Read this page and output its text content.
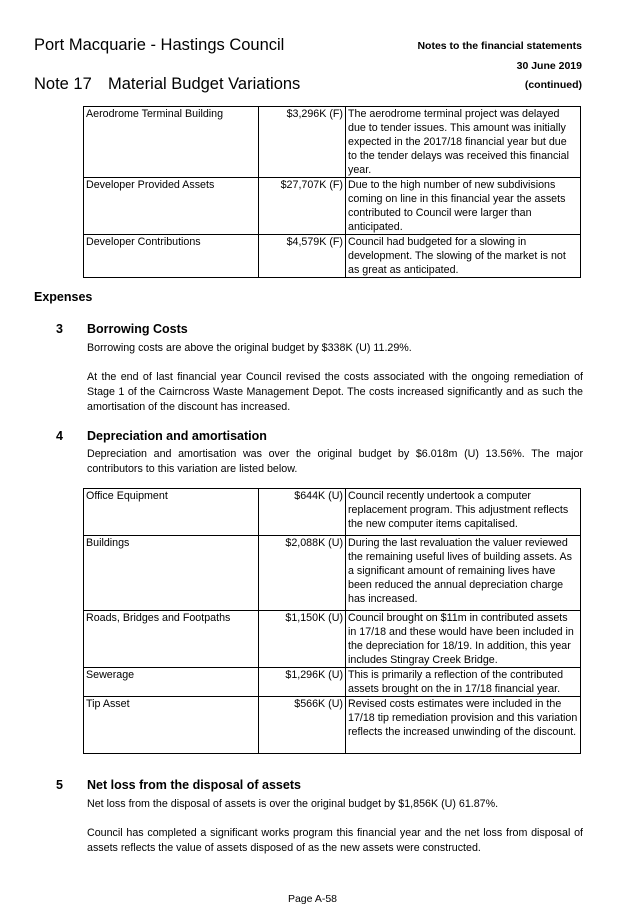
Port Macquarie - Hastings Council
Note 17 Material Budget Variations
Notes to the financial statements
30 June 2019
(continued)
Aerodrome Terminal Building	$3,296K (F)	The aerodrome terminal project was delayed due to tender issues. This amount was initially expected in the 2017/18 financial year but due to the tender delays was received this financial year.
Developer Provided Assets	$27,707K (F)	Due to the high number of new subdivisions coming on line in this financial year the assets contributed to Council were larger than anticipated.
Developer Contributions	$4,579K (F)	Council had budgeted for a slowing in development. The slowing of the market is not as great as anticipated.
Expenses
3 Borrowing Costs
Borrowing costs are above the original budget by $338K (U) 11.29%.
At the end of last financial year Council revised the costs associated with the ongoing remediation of Stage 1 of the Cairncross Waste Management Depot. The costs increased significantly and as such the amortisation of the discount has increased.
4 Depreciation and amortisation
Depreciation and amortisation was over the original budget by $6.018m (U) 13.56%. The major contributors to this variation are listed below.
Office Equipment	$644K (U)	Council recently undertook a computer replacement program. This adjustment reflects the new computer items capitalised.
Buildings	$2,088K (U)	During the last revaluation the valuer reviewed the remaining useful lives of building assets. As a significant amount of remaining lives have been reduced the annual depreciation charge has increased.
Roads, Bridges and Footpaths	$1,150K (U)	Council brought on $11m in contributed assets in 17/18 and these would have been included in the depreciation for 18/19. In addition, this year includes Stingray Creek Bridge.
Sewerage	$1,296K (U)	This is primarily a reflection of the contributed assets brought on the in 17/18 financial year.
Tip Asset	$566K (U)	Revised costs estimates were included in the 17/18 tip remediation provision and this variation reflects the increased unwinding of the discount.
5 Net loss from the disposal of assets
Net loss from the disposal of assets is over the original budget by $1,856K (U) 61.87%.
Council has completed a significant works program this financial year and the net loss from disposal of assets reflects the value of assets disposed of as the new assets were constructed.
Page A-58
